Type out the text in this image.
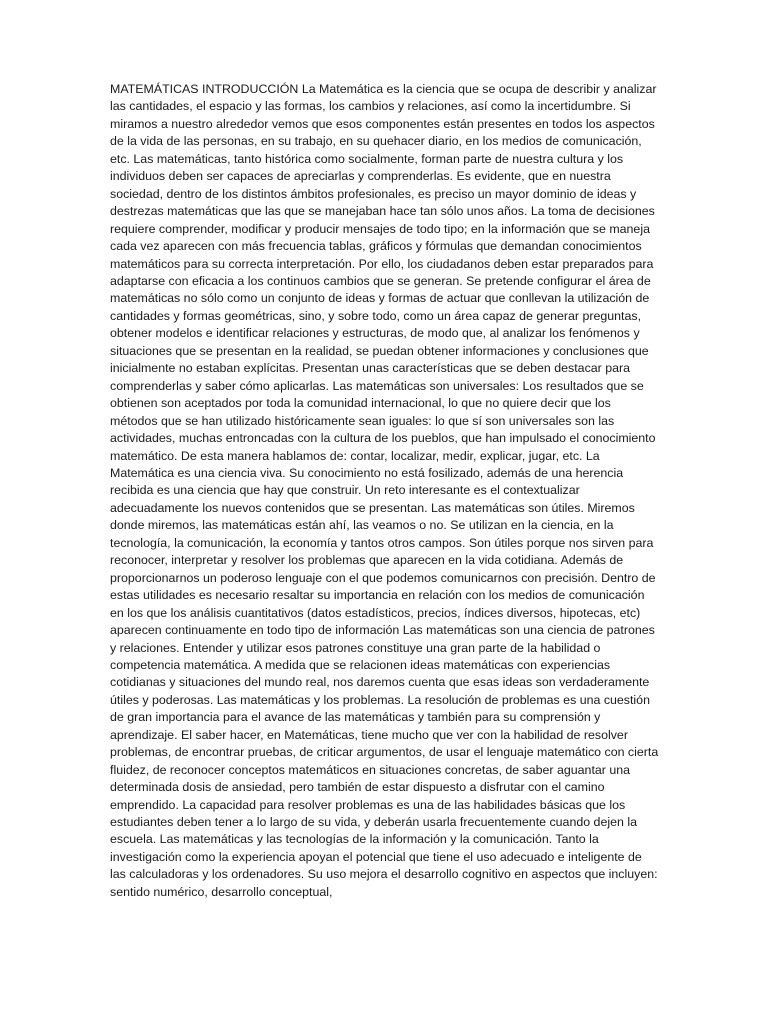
MATEMÁTICAS INTRODUCCIÓN La Matemática es la ciencia que se ocupa de describir y analizar las cantidades, el espacio y las formas, los cambios y relaciones, así como la incertidumbre. Si miramos a nuestro alrededor vemos que esos componentes están presentes en todos los aspectos de la vida de las personas, en su trabajo, en su quehacer diario, en los medios de comunicación, etc. Las matemáticas, tanto histórica como socialmente, forman parte de nuestra cultura y los individuos deben ser capaces de apreciarlas y comprenderlas. Es evidente, que en nuestra sociedad, dentro de los distintos ámbitos profesionales, es preciso un mayor dominio de ideas y destrezas matemáticas que las que se manejaban hace tan sólo unos años. La toma de decisiones requiere comprender, modificar y producir mensajes de todo tipo; en la información que se maneja cada vez aparecen con más frecuencia tablas, gráficos y fórmulas que demandan conocimientos matemáticos para su correcta interpretación. Por ello, los ciudadanos deben estar preparados para adaptarse con eficacia a los continuos cambios que se generan. Se pretende configurar el área de matemáticas no sólo como un conjunto de ideas y formas de actuar que conllevan la utilización de cantidades y formas geométricas, sino, y sobre todo, como un área capaz de generar preguntas, obtener modelos e identificar relaciones y estructuras, de modo que, al analizar los fenómenos y situaciones que se presentan en la realidad, se puedan obtener informaciones y conclusiones que inicialmente no estaban explícitas. Presentan unas características que se deben destacar para comprenderlas y saber cómo aplicarlas. Las matemáticas son universales: Los resultados que se obtienen son aceptados por toda la comunidad internacional, lo que no quiere decir que los métodos que se han utilizado históricamente sean iguales: lo que sí son universales son las actividades, muchas entroncadas con la cultura de los pueblos, que han impulsado el conocimiento matemático. De esta manera hablamos de: contar, localizar, medir, explicar, jugar, etc. La Matemática es una ciencia viva. Su conocimiento no está fosilizado, además de una herencia recibida es una ciencia que hay que construir. Un reto interesante es el contextualizar adecuadamente los nuevos contenidos que se presentan. Las matemáticas son útiles. Miremos donde miremos, las matemáticas están ahí, las veamos o no. Se utilizan en la ciencia, en la tecnología, la comunicación, la economía y tantos otros campos. Son útiles porque nos sirven para reconocer, interpretar y resolver los problemas que aparecen en la vida cotidiana. Además de proporcionarnos un poderoso lenguaje con el que podemos comunicarnos con precisión. Dentro de estas utilidades es necesario resaltar su importancia en relación con los medios de comunicación en los que los análisis cuantitativos (datos estadísticos, precios, índices diversos, hipotecas, etc) aparecen continuamente en todo tipo de información Las matemáticas son una ciencia de patrones y relaciones. Entender y utilizar esos patrones constituye una gran parte de la habilidad o competencia matemática. A medida que se relacionen ideas matemáticas con experiencias cotidianas y situaciones del mundo real, nos daremos cuenta que esas ideas son verdaderamente útiles y poderosas. Las matemáticas y los problemas. La resolución de problemas es una cuestión de gran importancia para el avance de las matemáticas y también para su comprensión y aprendizaje. El saber hacer, en Matemáticas, tiene mucho que ver con la habilidad de resolver problemas, de encontrar pruebas, de criticar argumentos, de usar el lenguaje matemático con cierta fluidez, de reconocer conceptos matemáticos en situaciones concretas, de saber aguantar una determinada dosis de ansiedad, pero también de estar dispuesto a disfrutar con el camino emprendido. La capacidad para resolver problemas es una de las habilidades básicas que los estudiantes deben tener a lo largo de su vida, y deberán usarla frecuentemente cuando dejen la escuela. Las matemáticas y las tecnologías de la información y la comunicación. Tanto la investigación como la experiencia apoyan el potencial que tiene el uso adecuado e inteligente de las calculadoras y los ordenadores. Su uso mejora el desarrollo cognitivo en aspectos que incluyen: sentido numérico, desarrollo conceptual,
